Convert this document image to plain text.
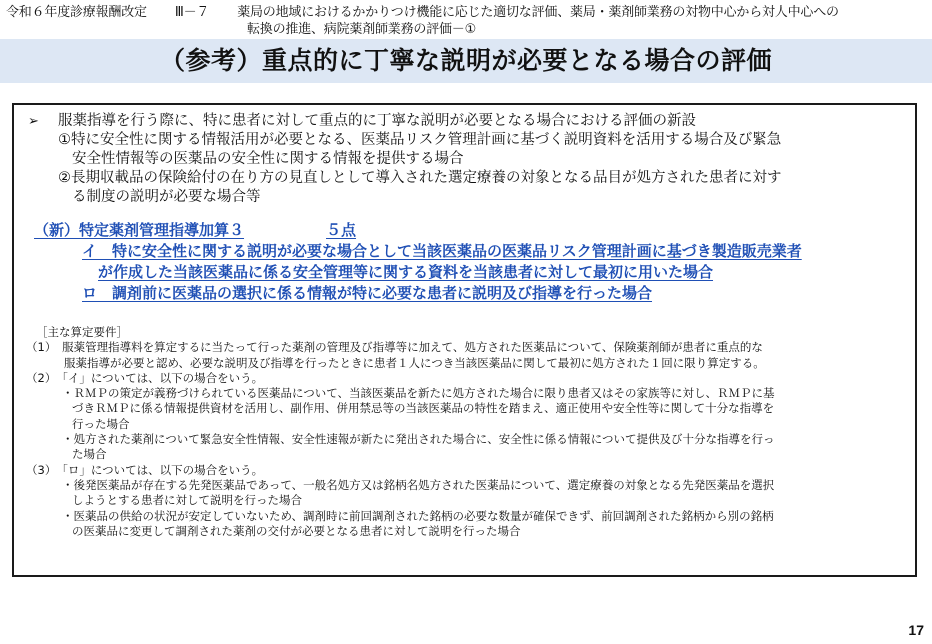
令和６年度診療報酬改定 Ⅲ－７ 薬局の地域におけるかかりつけ機能に応じた適切な評価、薬局・薬剤師業務の対物中心から対人中心への
転換の推進、病院薬剤師業務の評価－①
（参考）重点的に丁寧な説明が必要となる場合の評価
➢ 服薬指導を行う際に、特に患者に対して重点的に丁寧な説明が必要となる場合における評価の新設
①特に安全性に関する情報活用が必要となる、医薬品リスク管理計画に基づく説明資料を活用する場合及び緊急
安全性情報等の医薬品の安全性に関する情報を提供する場合
②長期収載品の保険給付の在り方の見直しとして導入された選定療養の対象となる品目が処方された患者に対す
る制度の説明が必要な場合等
（新）特定薬剤管理指導加算３	５点
イ　特に安全性に関する説明が必要な場合として当該医薬品の医薬品リスク管理計画に基づき製造販売業者
が作成した当該医薬品に係る安全管理等に関する資料を当該患者に対して最初に用いた場合
ロ　調剤前に医薬品の選択に係る情報が特に必要な患者に説明及び指導を行った場合
［主な算定要件］
（1）　服薬管理指導料を算定するに当たって行った薬剤の管理及び指導等に加えて、処方された医薬品について、保険薬剤師が患者に重点的な
服薬指導が必要と認め、必要な説明及び指導を行ったときに患者１人につき当該医薬品に関して最初に処方された１回に限り算定する。
（2）　「イ」については、以下の場合をいう。
・ＲＭＰの策定が義務づけられている医薬品について、当該医薬品を新たに処方された場合に限り患者又はその家族等に対し、ＲＭＰに基
づきＲＭＰに係る情報提供資材を活用し、副作用、併用禁忌等の当該医薬品の特性を踏まえ、適正使用や安全性等に関して十分な指導を
行った場合
・処方された薬剤について緊急安全性情報、安全性速報が新たに発出された場合に、安全性に係る情報について提供及び十分な指導を行っ
た場合
（3）　「ロ」については、以下の場合をいう。
・後発医薬品が存在する先発医薬品であって、一般名処方又は銘柄名処方された医薬品について、選定療養の対象となる先発医薬品を選択
しようとする患者に対して説明を行った場合
・医薬品の供給の状況が安定していないため、調剤時に前回調剤された銘柄の必要な数量が確保できず、前回調剤された銘柄から別の銘柄
の医薬品に変更して調剤された薬剤の交付が必要となる患者に対して説明を行った場合
17
